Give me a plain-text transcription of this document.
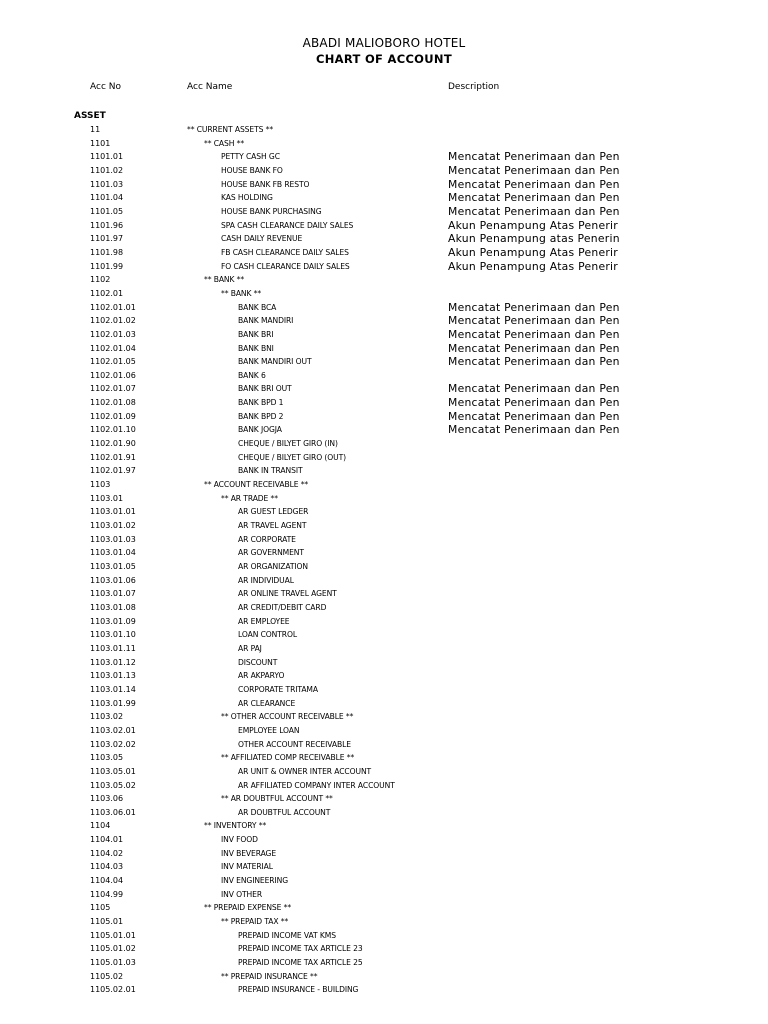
ABADI MALIOBORO HOTEL
CHART OF ACCOUNT
Acc No	Acc Name	Description
ASSET
11	** CURRENT ASSETS **
1101	** CASH **
1101.01	PETTY CASH GC	Mencatat Penerimaan dan Pen
1101.02	HOUSE BANK FO	Mencatat Penerimaan dan Pen
1101.03	HOUSE BANK FB RESTO	Mencatat Penerimaan dan Pen
1101.04	KAS HOLDING	Mencatat Penerimaan dan Pen
1101.05	HOUSE BANK PURCHASING	Mencatat Penerimaan dan Pen
1101.96	SPA CASH CLEARANCE DAILY SALES	Akun Penampung Atas Penerir
1101.97	CASH DAILY REVENUE	Akun Penampung atas Penerin
1101.98	FB CASH CLEARANCE DAILY SALES	Akun Penampung Atas Penerir
1101.99	FO CASH CLEARANCE DAILY SALES	Akun Penampung Atas Penerir
1102	** BANK **
1102.01	** BANK **
1102.01.01	BANK BCA	Mencatat Penerimaan dan Pen
1102.01.02	BANK MANDIRI	Mencatat Penerimaan dan Pen
1102.01.03	BANK BRI	Mencatat Penerimaan dan Pen
1102.01.04	BANK BNI	Mencatat Penerimaan dan Pen
1102.01.05	BANK MANDIRI OUT	Mencatat Penerimaan dan Pen
1102.01.06	BANK 6
1102.01.07	BANK BRI OUT	Mencatat Penerimaan dan Pen
1102.01.08	BANK BPD 1	Mencatat Penerimaan dan Pen
1102.01.09	BANK BPD 2	Mencatat Penerimaan dan Pen
1102.01.10	BANK JOGJA	Mencatat Penerimaan dan Pen
1102.01.90	CHEQUE / BILYET GIRO (IN)
1102.01.91	CHEQUE / BILYET GIRO (OUT)
1102.01.97	BANK IN TRANSIT
1103	** ACCOUNT RECEIVABLE **
1103.01	** AR TRADE **
1103.01.01	AR GUEST LEDGER
1103.01.02	AR TRAVEL AGENT
1103.01.03	AR CORPORATE
1103.01.04	AR GOVERNMENT
1103.01.05	AR ORGANIZATION
1103.01.06	AR INDIVIDUAL
1103.01.07	AR ONLINE TRAVEL AGENT
1103.01.08	AR CREDIT/DEBIT CARD
1103.01.09	AR EMPLOYEE
1103.01.10	LOAN CONTROL
1103.01.11	AR PAJ
1103.01.12	DISCOUNT
1103.01.13	AR AKPARYO
1103.01.14	CORPORATE TRITAMA
1103.01.99	AR CLEARANCE
1103.02	** OTHER ACCOUNT RECEIVABLE **
1103.02.01	EMPLOYEE LOAN
1103.02.02	OTHER ACCOUNT RECEIVABLE
1103.05	** AFFILIATED COMP RECEIVABLE **
1103.05.01	AR UNIT & OWNER INTER ACCOUNT
1103.05.02	AR AFFILIATED COMPANY INTER ACCOUNT
1103.06	** AR DOUBTFUL ACCOUNT **
1103.06.01	AR DOUBTFUL ACCOUNT
1104	** INVENTORY **
1104.01	INV FOOD
1104.02	INV BEVERAGE
1104.03	INV MATERIAL
1104.04	INV ENGINEERING
1104.99	INV OTHER
1105	** PREPAID EXPENSE **
1105.01	** PREPAID TAX **
1105.01.01	PREPAID INCOME VAT KMS
1105.01.02	PREPAID INCOME TAX ARTICLE 23
1105.01.03	PREPAID INCOME TAX ARTICLE 25
1105.02	** PREPAID INSURANCE **
1105.02.01	PREPAID INSURANCE - BUILDING
